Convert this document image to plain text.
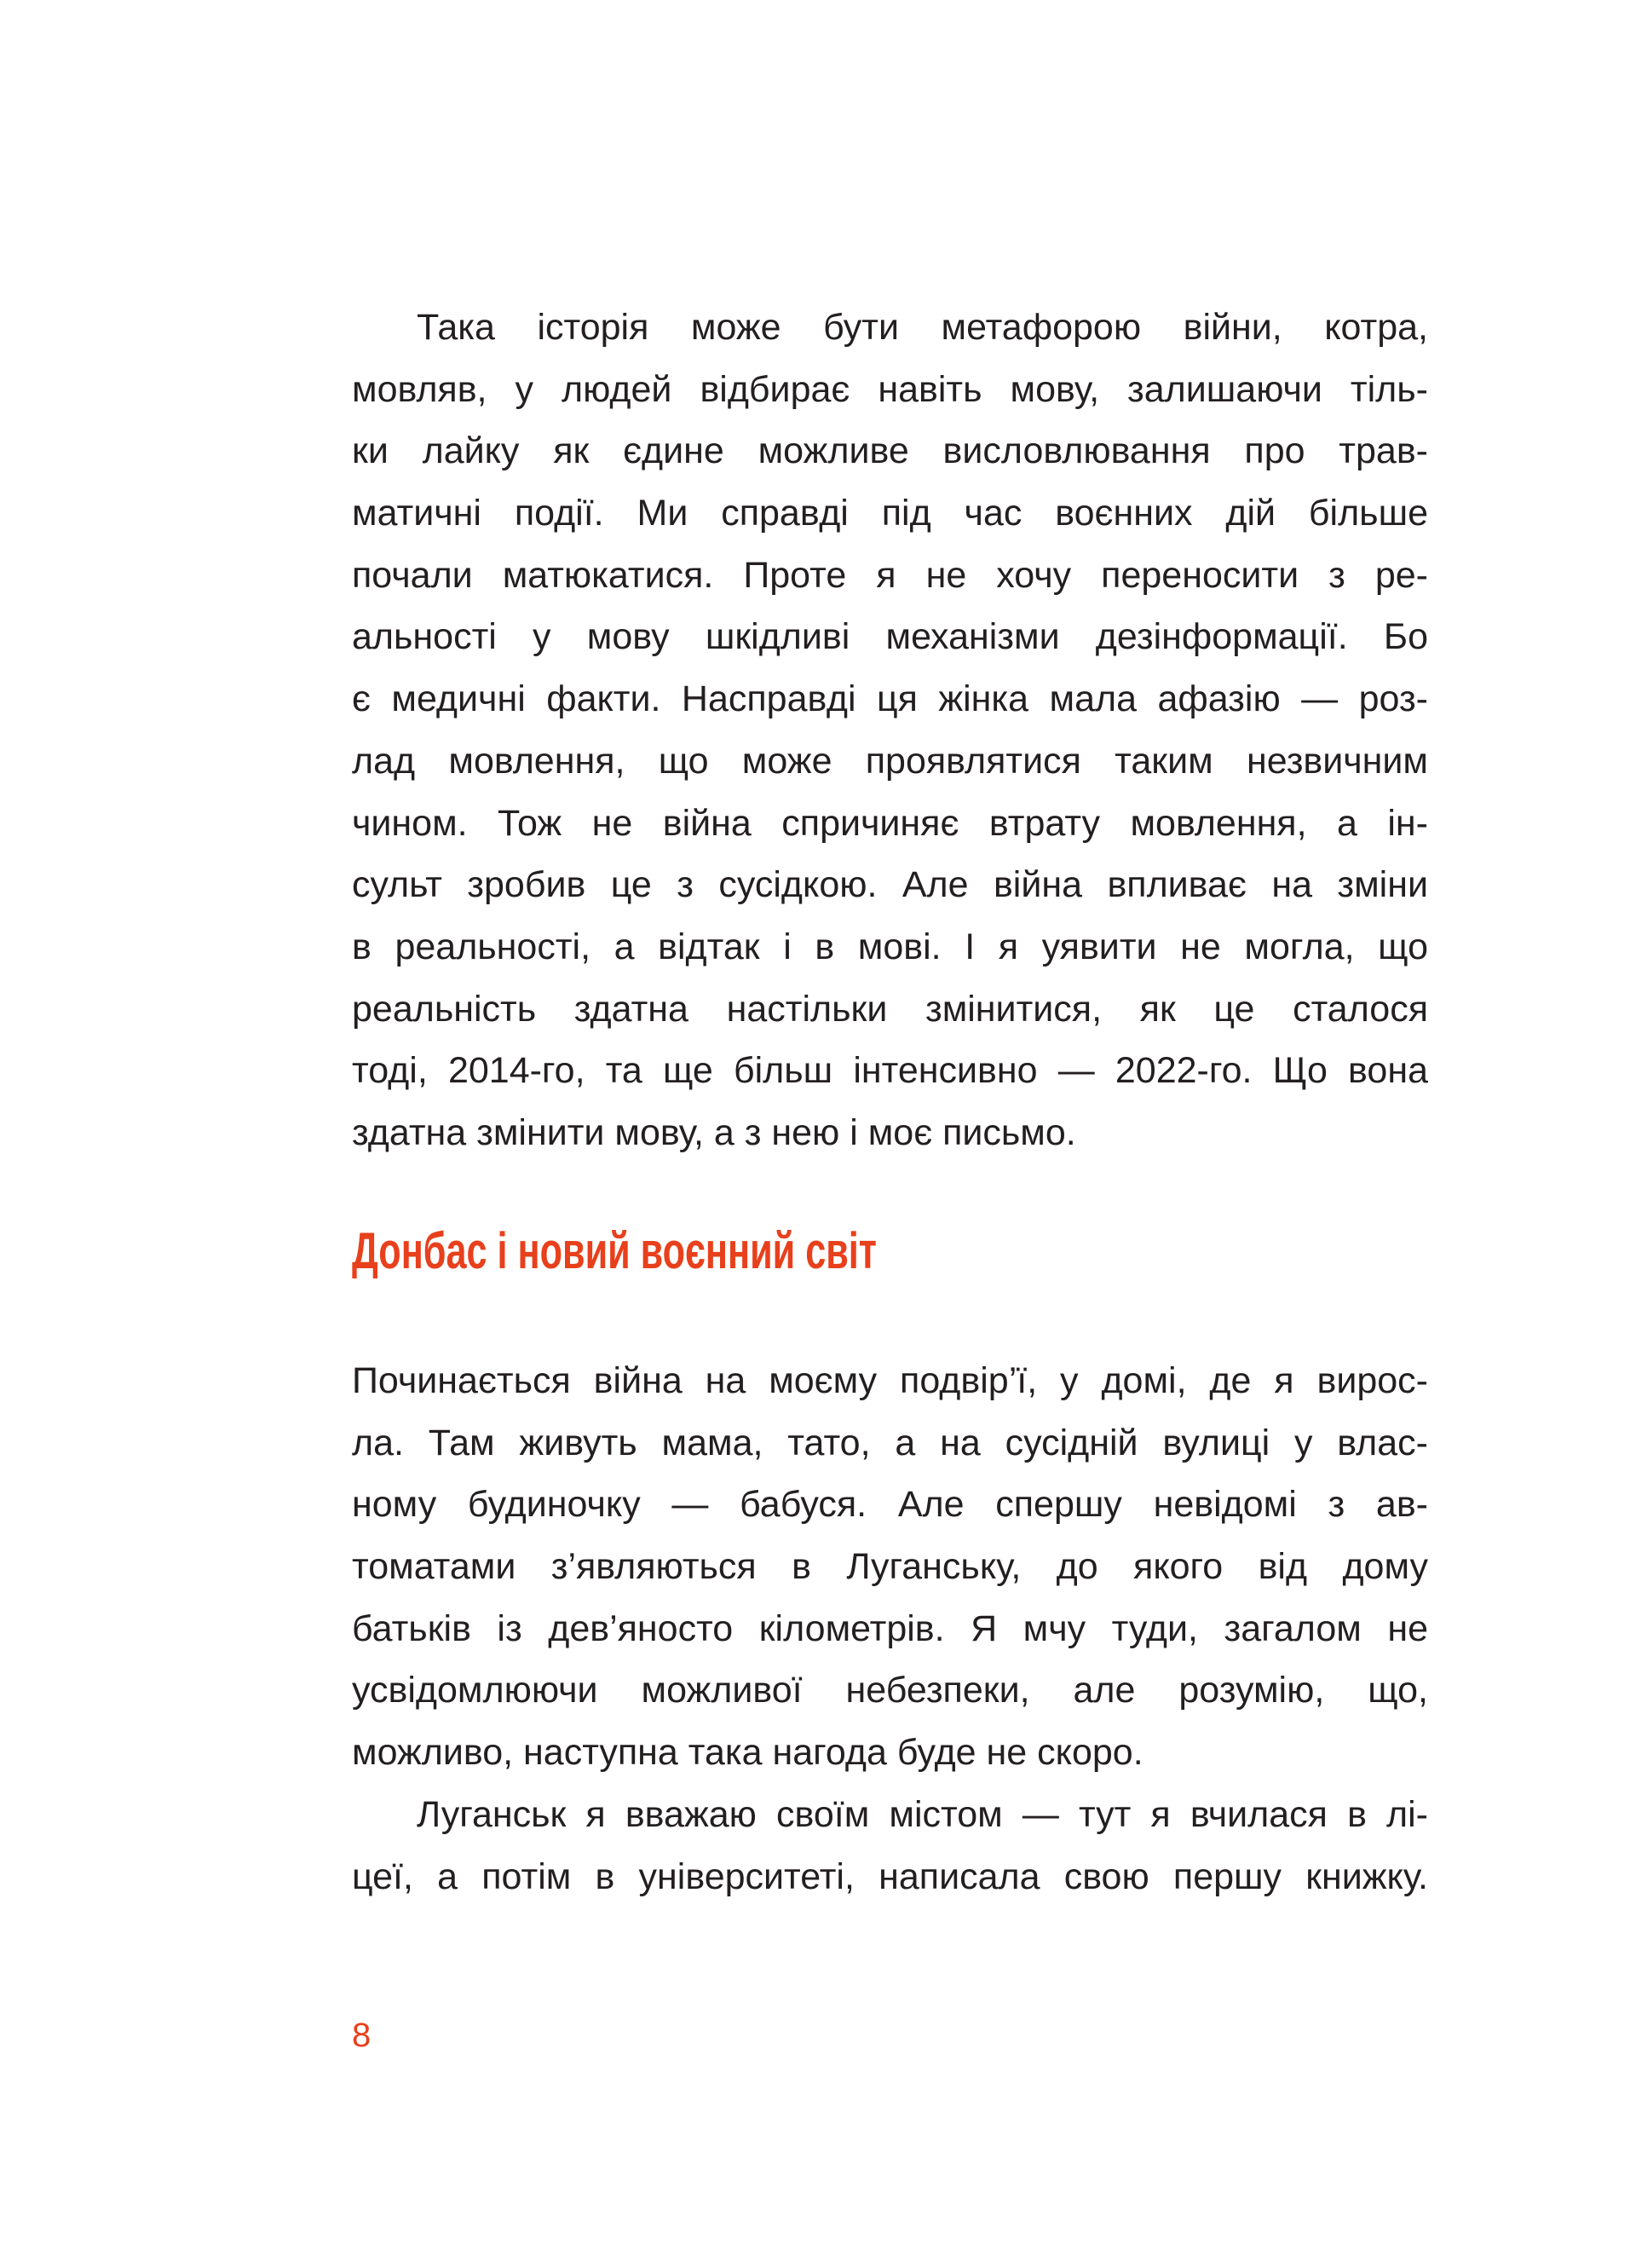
Така історія може бути метафорою війни, котра,
мовляв, у людей відбирає навіть мову, залишаючи тіль-
ки лайку як єдине можливе висловлювання про трав-
матичні події. Ми справді під час воєнних дій більше
почали матюкатися. Проте я не хочу переносити з ре-
альності у мову шкідливі механізми дезінформації. Бо
є медичні факти. Насправді ця жінка мала афазію — роз-
лад мовлення, що може проявлятися таким незвичним
чином. Тож не війна спричиняє втрату мовлення, а ін-
сульт зробив це з сусідкою. Але війна впливає на зміни
в реальності, а відтак і в мові. І я уявити не могла, що
реальність здатна настільки змінитися, як це сталося
тоді, 2014-го, та ще більш інтенсивно — 2022-го. Що вона
здатна змінити мову, а з нею і моє письмо.
Донбас і новий воєнний світ
Починається війна на моєму подвір’ї, у домі, де я вирос-
ла. Там живуть мама, тато, а на сусідній вулиці у влас-
ному будиночку — бабуся. Але спершу невідомі з ав-
томатами з’являються в Луганську, до якого від дому
батьків із дев’яносто кілометрів. Я мчу туди, загалом не
усвідомлюючи можливої небезпеки, але розумію, що,
можливо, наступна така нагода буде не скоро.
Луганськ я вважаю своїм містом — тут я вчилася в лі-
цеї, а потім в університеті, написала свою першу книжку.
8
